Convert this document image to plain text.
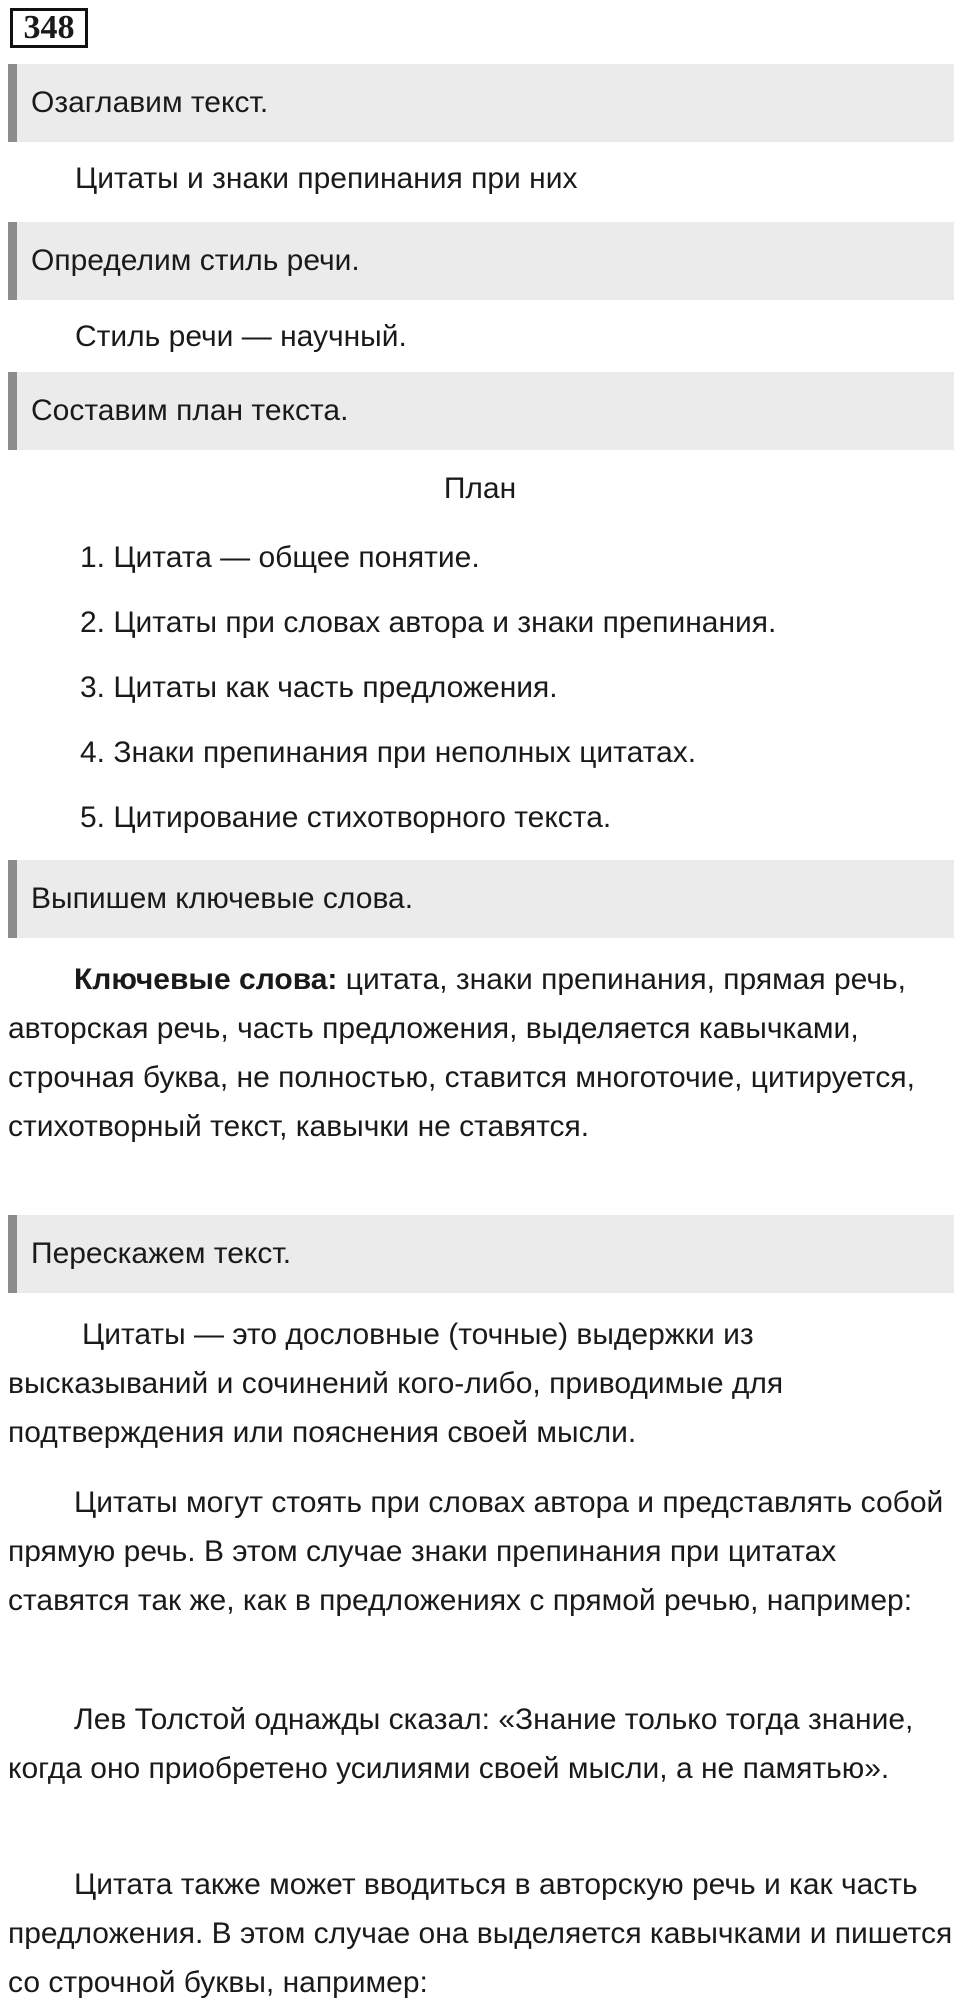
348
Озаглавим текст.
Цитаты и знаки препинания при них
Определим стиль речи.
Стиль речи — научный.
Составим план текста.
План
1. Цитата — общее понятие.
2. Цитаты при словах автора и знаки препинания.
3. Цитаты как часть предложения.
4. Знаки препинания при неполных цитатах.
5. Цитирование стихотворного текста.
Выпишем ключевые слова.

Ключевые слова: цитата, знаки препинания, прямая речь, авторская речь, часть предложения, выделяется кавычками, строчная буква, не полностью, ставится многоточие, цитируется, стихотворный текст, кавычки не ставятся.

Перескажем текст.

Цитаты — это дословные (точные) выдержки из высказываний и сочинений кого-либо, приводимые для подтверждения или пояснения своей мысли.

Цитаты могут стоять при словах автора и представлять собой прямую речь. В этом случае знаки препинания при цитатах ставятся так же, как в предложениях с прямой речью, например:

Лев Толстой однажды сказал: «Знание только тогда знание, когда оно приобретено усилиями своей мысли, а не памятью».

Цитата также может вводиться в авторскую речь и как часть предложения. В этом случае она выделяется кавычками и пишется со строчной буквы, например:
